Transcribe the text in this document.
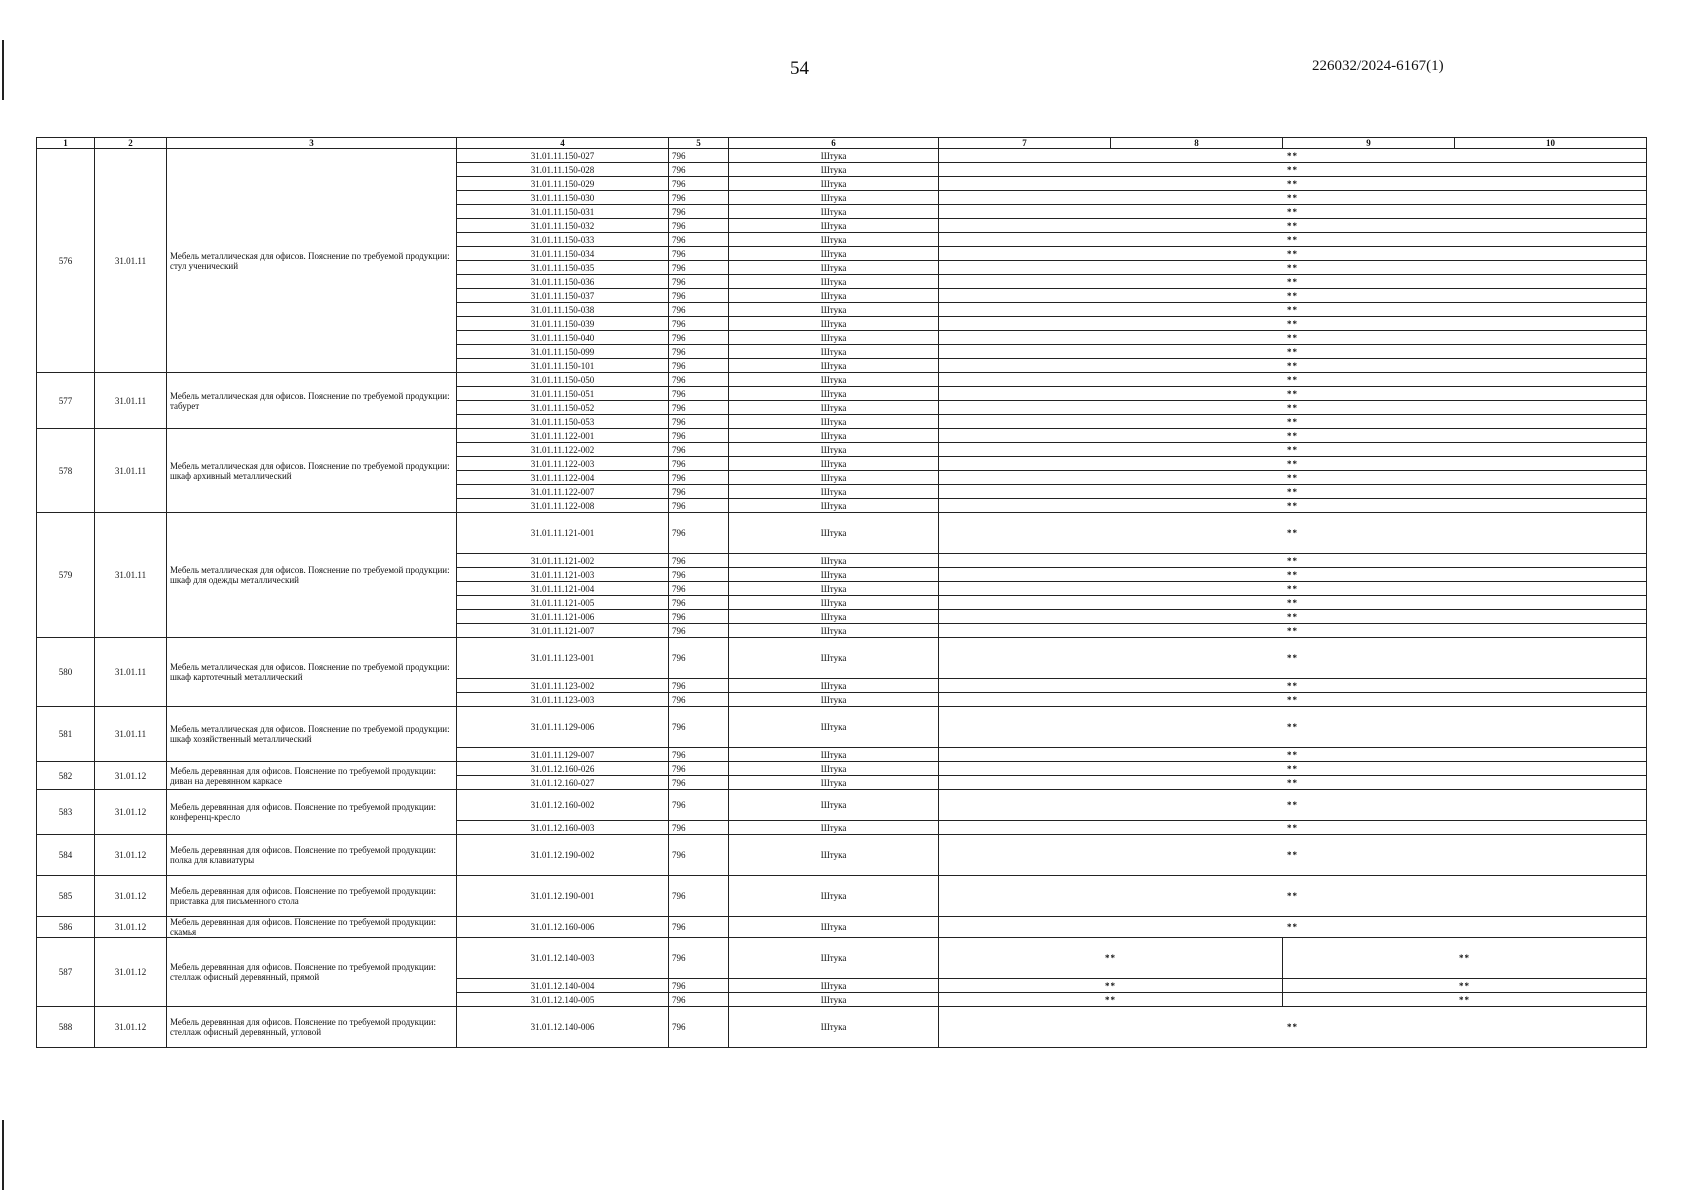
54	226032/2024-6167(1)
1	2	3	4	5	6	7	8	9	10
576	31.01.11	Мебель металлическая для офисов. Пояснение по требуемой продукции: стул ученический	31.01.11.150-027	796	Штука	**			
			31.01.11.150-028	796	Штука	**			
			31.01.11.150-029	796	Штука	**			
			31.01.11.150-030	796	Штука	**			
			31.01.11.150-031	796	Штука	**			
			31.01.11.150-032	796	Штука	**			
			31.01.11.150-033	796	Штука	**			
			31.01.11.150-034	796	Штука	**			
			31.01.11.150-035	796	Штука	**			
			31.01.11.150-036	796	Штука	**			
			31.01.11.150-037	796	Штука	**			
			31.01.11.150-038	796	Штука	**			
			31.01.11.150-039	796	Штука	**			
			31.01.11.150-040	796	Штука	**			
			31.01.11.150-099	796	Штука	**			
			31.01.11.150-101	796	Штука	**			
577	31.01.11	Мебель металлическая для офисов. Пояснение по требуемой продукции: табурет	31.01.11.150-050	796	Штука	**			
			31.01.11.150-051	796	Штука	**			
			31.01.11.150-052	796	Штука	**			
			31.01.11.150-053	796	Штука	**			
578	31.01.11	Мебель металлическая для офисов. Пояснение по требуемой продукции: шкаф архивный металлический	31.01.11.122-001	796	Штука	**			
			31.01.11.122-002	796	Штука	**			
			31.01.11.122-003	796	Штука	**			
			31.01.11.122-004	796	Штука	**			
			31.01.11.122-007	796	Штука	**			
			31.01.11.122-008	796	Штука	**			
579	31.01.11	Мебель металлическая для офисов. Пояснение по требуемой продукции: шкаф для одежды металлический	31.01.11.121-001	796	Штука	**			
			31.01.11.121-002	796	Штука	**			
			31.01.11.121-003	796	Штука	**			
			31.01.11.121-004	796	Штука	**			
			31.01.11.121-005	796	Штука	**			
			31.01.11.121-006	796	Штука	**			
			31.01.11.121-007	796	Штука	**			
580	31.01.11	Мебель металлическая для офисов. Пояснение по требуемой продукции: шкаф картотечный металлический	31.01.11.123-001	796	Штука	**			
			31.01.11.123-002	796	Штука	**			
			31.01.11.123-003	796	Штука	**			
581	31.01.11	Мебель металлическая для офисов. Пояснение по требуемой продукции: шкаф хозяйственный металлический	31.01.11.129-006	796	Штука	**			
			31.01.11.129-007	796	Штука	**			
582	31.01.12	Мебель деревянная для офисов. Пояснение по требуемой продукции: диван на деревянном каркасе	31.01.12.160-026	796	Штука	**			
			31.01.12.160-027	796	Штука	**			
583	31.01.12	Мебель деревянная для офисов. Пояснение по требуемой продукции: конференц-кресло	31.01.12.160-002	796	Штука	**			
			31.01.12.160-003	796	Штука	**			
584	31.01.12	Мебель деревянная для офисов. Пояснение по требуемой продукции: полка для клавиатуры	31.01.12.190-002	796	Штука	**			
585	31.01.12	Мебель деревянная для офисов. Пояснение по требуемой продукции: приставка для письменного стола	31.01.12.190-001	796	Штука	**			
586	31.01.12	Мебель деревянная для офисов. Пояснение по требуемой продукции: скамья	31.01.12.160-006	796	Штука	**			
587	31.01.12	Мебель деревянная для офисов. Пояснение по требуемой продукции: стеллаж офисный деревянный, прямой	31.01.12.140-003	796	Штука	**		**	
			31.01.12.140-004	796	Штука	**		**	
			31.01.12.140-005	796	Штука	**		**	
588	31.01.12	Мебель деревянная для офисов. Пояснение по требуемой продукции: стеллаж офисный деревянный, угловой	31.01.12.140-006	796	Штука	**			
